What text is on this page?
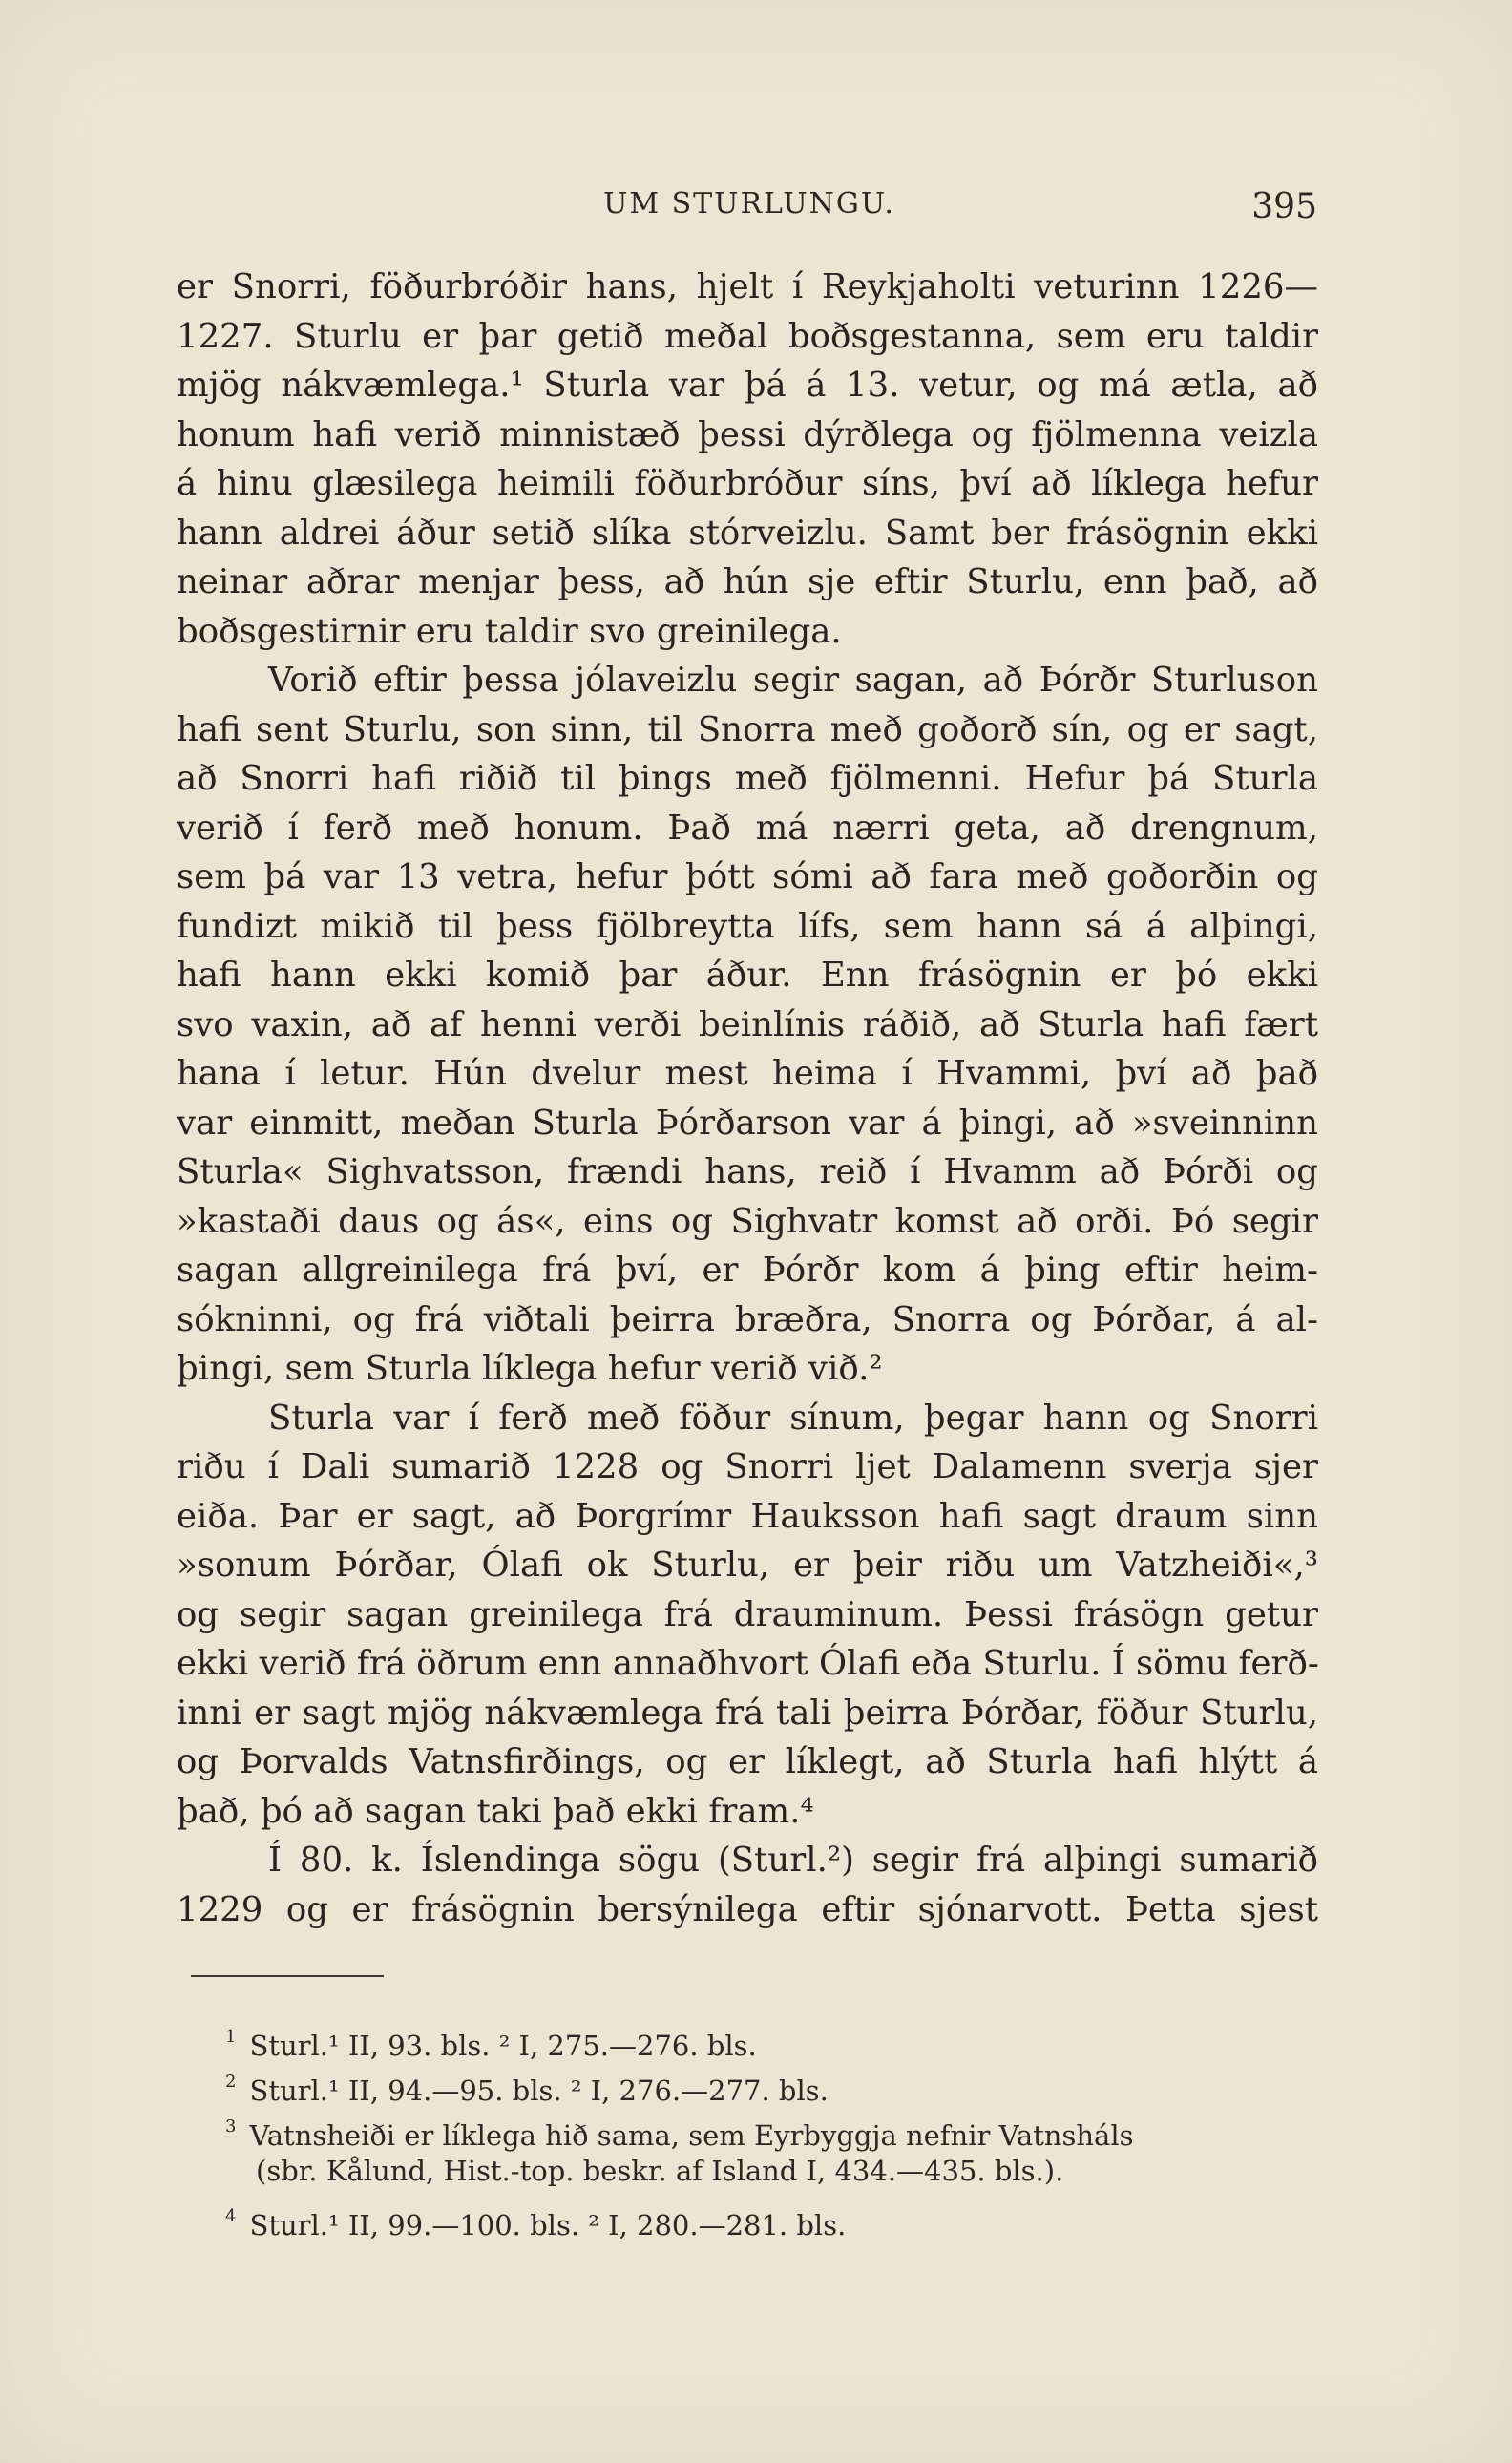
UM STURLUNGU.	395
er Snorri, föðurbróðir hans, hjelt í Reykjaholti veturinn 1226—
1227. Sturlu er þar getið meðal boðsgestanna, sem eru taldir
mjög nákvæmlega.¹ Sturla var þá á 13. vetur, og má ætla, að
honum hafi verið minnistæð þessi dýrðlega og fjölmenna veizla
á hinu glæsilega heimili föðurbróður síns, því að líklega hefur
hann aldrei áður setið slíka stórveizlu. Samt ber frásögnin ekki
neinar aðrar menjar þess, að hún sje eftir Sturlu, enn það, að
boðsgestirnir eru taldir svo greinilega.
Vorið eftir þessa jólaveizlu segir sagan, að Þórðr Sturluson
hafi sent Sturlu, son sinn, til Snorra með goðorð sín, og er sagt,
að Snorri hafi riðið til þings með fjölmenni. Hefur þá Sturla
verið í ferð með honum. Það má nærri geta, að drengnum,
sem þá var 13 vetra, hefur þótt sómi að fara með goðorðin og
fundizt mikið til þess fjölbreytta lífs, sem hann sá á alþingi,
hafi hann ekki komið þar áður. Enn frásögnin er þó ekki
svo vaxin, að af henni verði beinlínis ráðið, að Sturla hafi fært
hana í letur. Hún dvelur mest heima í Hvammi, því að það
var einmitt, meðan Sturla Þórðarson var á þingi, að »sveinninn
Sturla« Sighvatsson, frændi hans, reið í Hvamm að Þórði og
»kastaði daus og ás«, eins og Sighvatr komst að orði. Þó segir
sagan allgreinilega frá því, er Þórðr kom á þing eftir heim-
sókninni, og frá viðtali þeirra bræðra, Snorra og Þórðar, á al-
þingi, sem Sturla líklega hefur verið við.²
Sturla var í ferð með föður sínum, þegar hann og Snorri
riðu í Dali sumarið 1228 og Snorri ljet Dalamenn sverja sjer
eiða. Þar er sagt, að Þorgrímr Hauksson hafi sagt draum sinn
»sonum Þórðar, Ólafi ok Sturlu, er þeir riðu um Vatzheiði«,³
og segir sagan greinilega frá drauminum. Þessi frásögn getur
ekki verið frá öðrum enn annaðhvort Ólafi eða Sturlu. Í sömu ferð-
inni er sagt mjög nákvæmlega frá tali þeirra Þórðar, föður Sturlu,
og Þorvalds Vatnsfirðings, og er líklegt, að Sturla hafi hlýtt á
það, þó að sagan taki það ekki fram.⁴
Í 80. k. Íslendinga sögu (Sturl.²) segir frá alþingi sumarið
1229 og er frásögnin bersýnilega eftir sjónarvott. Þetta sjest
$^1$ Sturl.¹ II, 93. bls. ² I, 275.—276. bls.
$^2$ Sturl.¹ II, 94.—95. bls. ² I, 276.—277. bls.
$^3$ Vatnsheiði er líklega hið sama, sem Eyrbyggja nefnir Vatnsháls
(sbr. Kålund, Hist.-top. beskr. af Island I, 434.—435. bls.).
$^4$ Sturl.¹ II, 99.—100. bls. ² I, 280.—281. bls.
